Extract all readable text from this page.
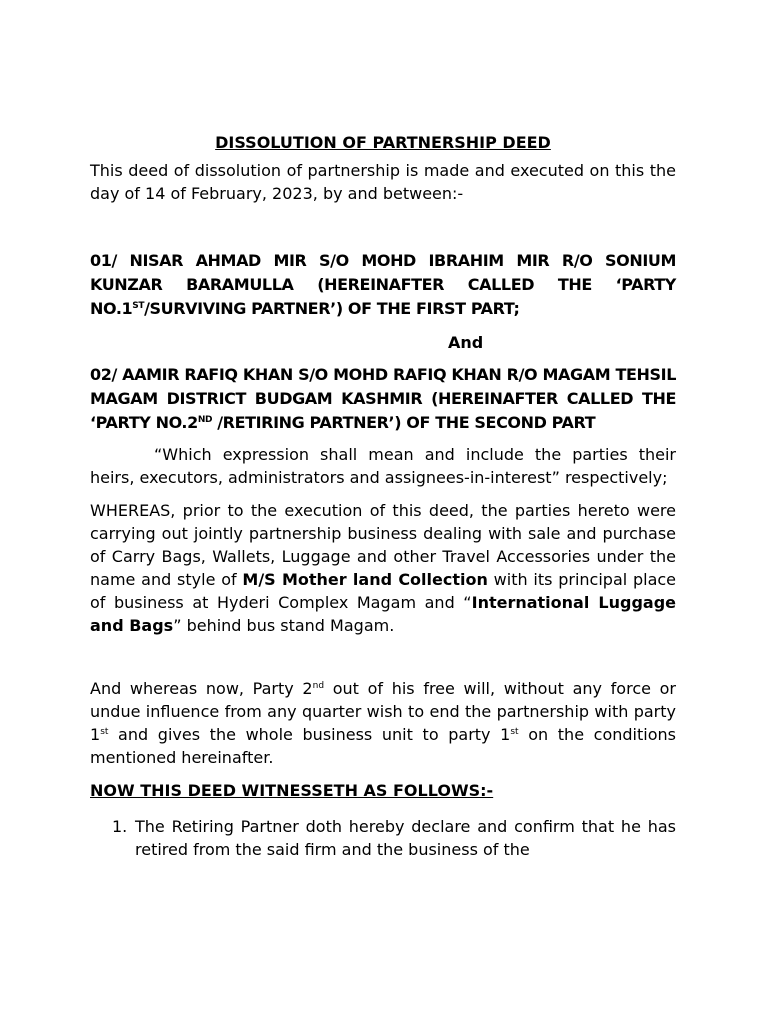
DISSOLUTION OF PARTNERSHIP DEED

This deed of dissolution of partnership is made and executed on this the day of 14 of February, 2023, by and between:-

01/ NISAR AHMAD MIR S/O MOHD IBRAHIM MIR R/O SONIUM KUNZAR BARAMULLA (HEREINAFTER CALLED THE ‘PARTY NO.1ST/SURVIVING PARTNER’) OF THE FIRST PART;

And

02/ AAMIR RAFIQ KHAN S/O MOHD RAFIQ KHAN R/O MAGAM TEHSIL MAGAM DISTRICT BUDGAM KASHMIR (HEREINAFTER CALLED THE ‘PARTY NO.2ND /RETIRING PARTNER’) OF THE SECOND PART

“Which expression shall mean and include the parties their heirs, executors, administrators and assignees-in-interest” respectively;

WHEREAS, prior to the execution of this deed, the parties hereto were carrying out jointly partnership business dealing with sale and purchase of Carry Bags, Wallets, Luggage and other Travel Accessories under the name and style of M/S Mother land Collection with its principal place of business at Hyderi Complex Magam and “International Luggage and Bags” behind bus stand Magam.

And whereas now, Party 2nd out of his free will, without any force or undue influence from any quarter wish to end the partnership with party 1st and gives the whole business unit to party 1st on the conditions mentioned hereinafter.

NOW THIS DEED WITNESSETH AS FOLLOWS:-

1. The Retiring Partner doth hereby declare and confirm that he has retired from the said firm and the business of the
